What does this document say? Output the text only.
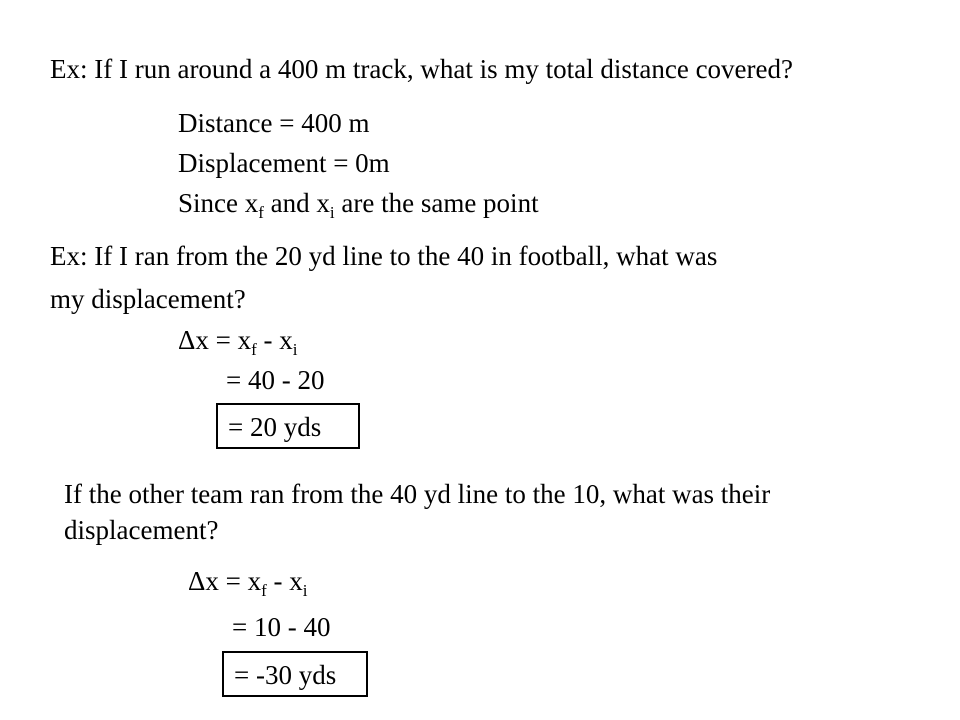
Ex: If I run around a 400 m track, what is my total distance covered?
Distance = 400 m
Displacement = 0m
Since $x_f$ and $x_i$ are the same point
Ex: If I ran from the 20 yd line to the 40 in football, what was
my displacement?
$\Delta x = x_f - x_i$
= 40 - 20
= 20 yds
If the other team ran from the 40 yd line to the 10, what was their
displacement?
$\Delta x = x_f - x_i$
= 10 - 40
= -30 yds
